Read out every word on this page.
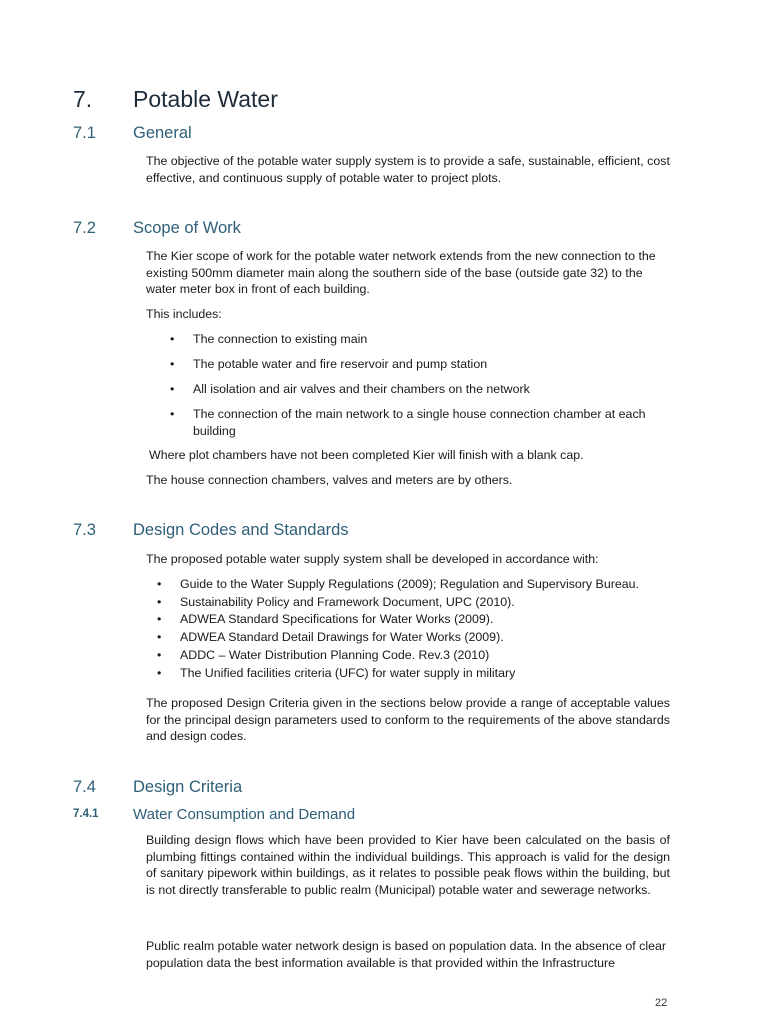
7. Potable Water
7.1 General
The objective of the potable water supply system is to provide a safe, sustainable, efficient, cost effective, and continuous supply of potable water to project plots.
7.2 Scope of Work
The Kier scope of work for the potable water network extends from the new connection to the existing 500mm diameter main along the southern side of the base (outside gate 32) to the water meter box in front of each building.
This includes:
• The connection to existing main
• The potable water and fire reservoir and pump station
• All isolation and air valves and their chambers on the network
• The connection of the main network to a single house connection chamber at each building
Where plot chambers have not been completed Kier will finish with a blank cap.
The house connection chambers, valves and meters are by others.
7.3 Design Codes and Standards
The proposed potable water supply system shall be developed in accordance with:
• Guide to the Water Supply Regulations (2009); Regulation and Supervisory Bureau.
• Sustainability Policy and Framework Document, UPC (2010).
• ADWEA Standard Specifications for Water Works (2009).
• ADWEA Standard Detail Drawings for Water Works (2009).
• ADDC – Water Distribution Planning Code. Rev.3 (2010)
• The Unified facilities criteria (UFC) for water supply in military
The proposed Design Criteria given in the sections below provide a range of acceptable values for the principal design parameters used to conform to the requirements of the above standards and design codes.
7.4 Design Criteria
7.4.1 Water Consumption and Demand
Building design flows which have been provided to Kier have been calculated on the basis of plumbing fittings contained within the individual buildings. This approach is valid for the design of sanitary pipework within buildings, as it relates to possible peak flows within the building, but is not directly transferable to public realm (Municipal) potable water and sewerage networks.
Public realm potable water network design is based on population data. In the absence of clear population data the best information available is that provided within the Infrastructure
22
